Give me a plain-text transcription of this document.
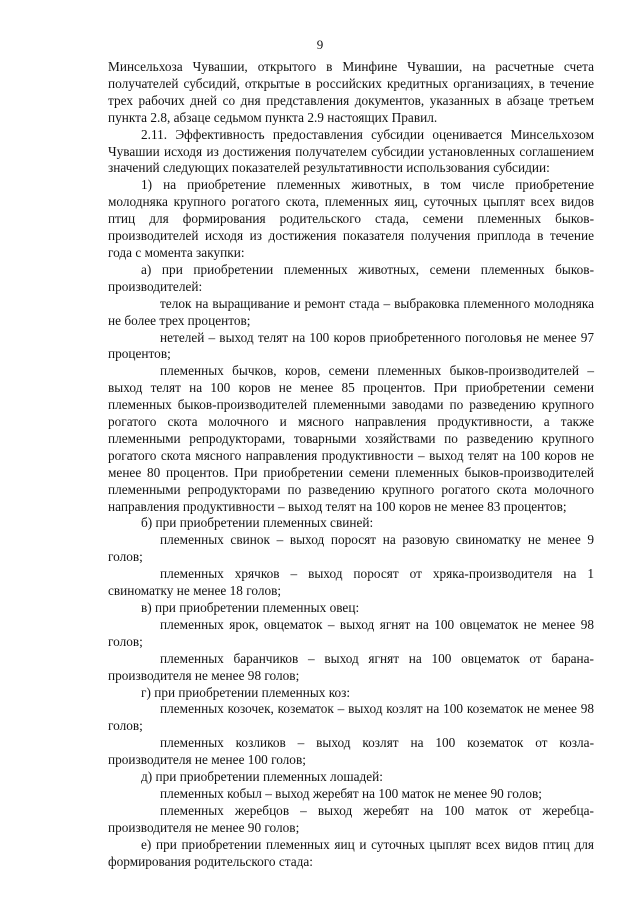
9

Минсельхоза Чувашии, открытого в Минфине Чувашии, на расчетные счета получателей субсидий, открытые в российских кредитных организациях, в течение трех рабочих дней со дня представления документов, указанных в абзаце третьем пункта 2.8, абзаце седьмом пункта 2.9 настоящих Правил.

2.11. Эффективность предоставления субсидии оценивается Минсельхозом Чувашии исходя из достижения получателем субсидии установленных соглашением значений следующих показателей результативности использования субсидии:

1) на приобретение племенных животных, в том числе приобретение молодняка крупного рогатого скота, племенных яиц, суточных цыплят всех видов птиц для формирования родительского стада, семени племенных быков-производителей исходя из достижения показателя получения приплода в течение года с момента закупки:

а) при приобретении племенных животных, семени племенных быков-производителей:

телок на выращивание и ремонт стада – выбраковка племенного молодняка не более трех процентов;

нетелей – выход телят на 100 коров приобретенного поголовья не менее 97 процентов;

племенных бычков, коров, семени племенных быков-производителей – выход телят на 100 коров не менее 85 процентов. При приобретении семени племенных быков-производителей племенными заводами по разведению крупного рогатого скота молочного и мясного направления продуктивности, а также племенными репродукторами, товарными хозяйствами по разведению крупного рогатого скота мясного направления продуктивности – выход телят на 100 коров не менее 80 процентов. При приобретении семени племенных быков-производителей племенными репродукторами по разведению крупного рогатого скота молочного направления продуктивности – выход телят на 100 коров не менее 83 процентов;

б) при приобретении племенных свиней:

племенных свинок – выход поросят на разовую свиноматку не менее 9 голов;

племенных хрячков – выход поросят от хряка-производителя на 1 свиноматку не менее 18 голов;

в) при приобретении племенных овец:

племенных ярок, овцематок – выход ягнят на 100 овцематок не менее 98 голов;

племенных баранчиков – выход ягнят на 100 овцематок от барана-производителя не менее 98 голов;

г) при приобретении племенных коз:

племенных козочек, козематок – выход козлят на 100 козематок не менее 98 голов;

племенных козликов – выход козлят на 100 козематок от козла-производителя не менее 100 голов;

д) при приобретении племенных лошадей:

племенных кобыл – выход жеребят на 100 маток не менее 90 голов;

племенных жеребцов – выход жеребят на 100 маток от жеребца-производителя не менее 90 голов;

е) при приобретении племенных яиц и суточных цыплят всех видов птиц для формирования родительского стада:
